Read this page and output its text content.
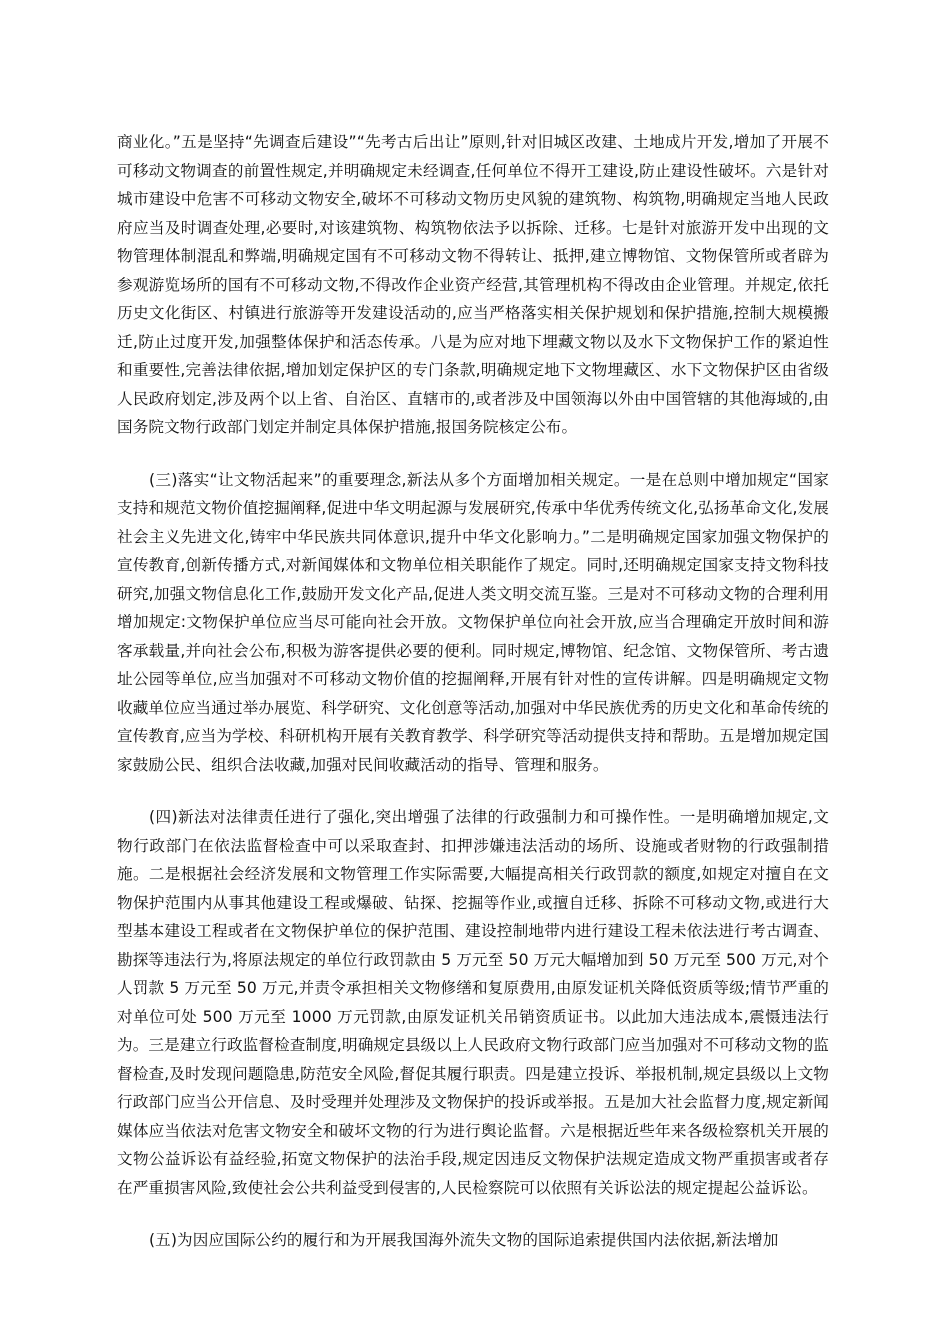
商业化。”五是坚持“先调查后建设”“先考古后出让”原则,针对旧城区改建、土地成片开发,增加了开展不可移动文物调查的前置性规定,并明确规定未经调查,任何单位不得开工建设,防止建设性破坏。六是针对城市建设中危害不可移动文物安全,破坏不可移动文物历史风貌的建筑物、构筑物,明确规定当地人民政府应当及时调查处理,必要时,对该建筑物、构筑物依法予以拆除、迁移。七是针对旅游开发中出现的文物管理体制混乱和弊端,明确规定国有不可移动文物不得转让、抵押,建立博物馆、文物保管所或者辟为参观游览场所的国有不可移动文物,不得改作企业资产经营,其管理机构不得改由企业管理。并规定,依托历史文化街区、村镇进行旅游等开发建设活动的,应当严格落实相关保护规划和保护措施,控制大规模搬迁,防止过度开发,加强整体保护和活态传承。八是为应对地下埋藏文物以及水下文物保护工作的紧迫性和重要性,完善法律依据,增加划定保护区的专门条款,明确规定地下文物埋藏区、水下文物保护区由省级人民政府划定,涉及两个以上省、自治区、直辖市的,或者涉及中国领海以外由中国管辖的其他海域的,由国务院文物行政部门划定并制定具体保护措施,报国务院核定公布。

(三)落实“让文物活起来”的重要理念,新法从多个方面增加相关规定。一是在总则中增加规定“国家支持和规范文物价值挖掘阐释,促进中华文明起源与发展研究,传承中华优秀传统文化,弘扬革命文化,发展社会主义先进文化,铸牢中华民族共同体意识,提升中华文化影响力。”二是明确规定国家加强文物保护的宣传教育,创新传播方式,对新闻媒体和文物单位相关职能作了规定。同时,还明确规定国家支持文物科技研究,加强文物信息化工作,鼓励开发文化产品,促进人类文明交流互鉴。三是对不可移动文物的合理利用增加规定:文物保护单位应当尽可能向社会开放。文物保护单位向社会开放,应当合理确定开放时间和游客承载量,并向社会公布,积极为游客提供必要的便利。同时规定,博物馆、纪念馆、文物保管所、考古遗址公园等单位,应当加强对不可移动文物价值的挖掘阐释,开展有针对性的宣传讲解。四是明确规定文物收藏单位应当通过举办展览、科学研究、文化创意等活动,加强对中华民族优秀的历史文化和革命传统的宣传教育,应当为学校、科研机构开展有关教育教学、科学研究等活动提供支持和帮助。五是增加规定国家鼓励公民、组织合法收藏,加强对民间收藏活动的指导、管理和服务。

(四)新法对法律责任进行了强化,突出增强了法律的行政强制力和可操作性。一是明确增加规定,文物行政部门在依法监督检查中可以采取查封、扣押涉嫌违法活动的场所、设施或者财物的行政强制措施。二是根据社会经济发展和文物管理工作实际需要,大幅提高相关行政罚款的额度,如规定对擅自在文物保护范围内从事其他建设工程或爆破、钻探、挖掘等作业,或擅自迁移、拆除不可移动文物,或进行大型基本建设工程或者在文物保护单位的保护范围、建设控制地带内进行建设工程未依法进行考古调查、勘探等违法行为,将原法规定的单位行政罚款由 5 万元至 50 万元大幅增加到 50 万元至 500 万元,对个人罚款 5 万元至 50 万元,并责令承担相关文物修缮和复原费用,由原发证机关降低资质等级;情节严重的对单位可处 500 万元至 1000 万元罚款,由原发证机关吊销资质证书。以此加大违法成本,震慑违法行为。三是建立行政监督检查制度,明确规定县级以上人民政府文物行政部门应当加强对不可移动文物的监督检查,及时发现问题隐患,防范安全风险,督促其履行职责。四是建立投诉、举报机制,规定县级以上文物行政部门应当公开信息、及时受理并处理涉及文物保护的投诉或举报。五是加大社会监督力度,规定新闻媒体应当依法对危害文物安全和破坏文物的行为进行舆论监督。六是根据近些年来各级检察机关开展的文物公益诉讼有益经验,拓宽文物保护的法治手段,规定因违反文物保护法规定造成文物严重损害或者存在严重损害风险,致使社会公共利益受到侵害的,人民检察院可以依照有关诉讼法的规定提起公益诉讼。

(五)为因应国际公约的履行和为开展我国海外流失文物的国际追索提供国内法依据,新法增加
